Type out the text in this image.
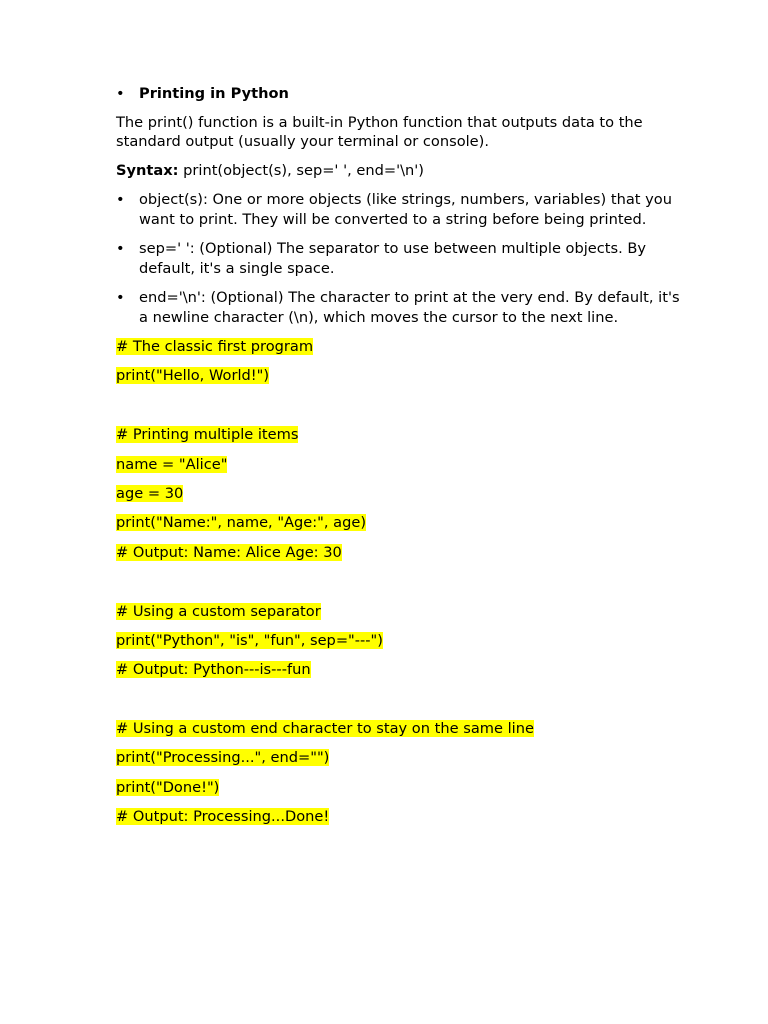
• Printing in Python

The print() function is a built-in Python function that outputs data to the standard output (usually your terminal or console).

Syntax: print(object(s), sep=' ', end='\n')

• object(s): One or more objects (like strings, numbers, variables) that you want to print. They will be converted to a string before being printed.
• sep=' ': (Optional) The separator to use between multiple objects. By default, it's a single space.
• end='\n': (Optional) The character to print at the very end. By default, it's a newline character (\n), which moves the cursor to the next line.
# The classic first program
print("Hello, World!")
# Printing multiple items
name = "Alice"
age = 30
print("Name:", name, "Age:", age)
# Output: Name: Alice Age: 30
# Using a custom separator
print("Python", "is", "fun", sep="---")
# Output: Python---is---fun
# Using a custom end character to stay on the same line
print("Processing...", end="")
print("Done!")
# Output: Processing...Done!
